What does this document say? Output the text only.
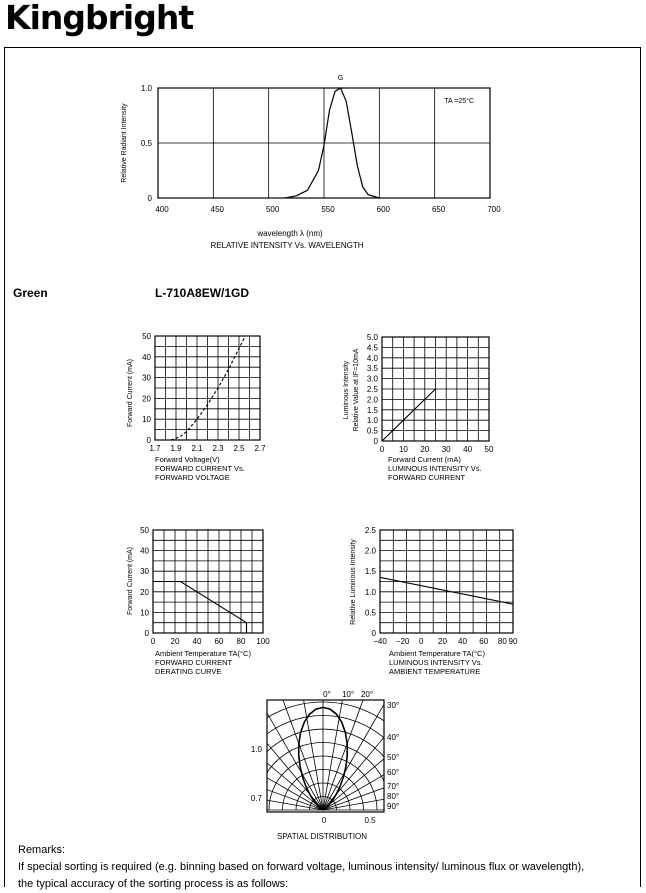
Kingbright
Green	L-710A8EW/1GD
400	450	500	550	600	650	700
0
0.5
1.0
G
TA =25°C
Relative Radiant Intensity
wavelength λ (nm)
RELATIVE INTENSITY Vs. WAVELENGTH
1.7 1.9 2.1 2.3 2.5 2.7
0
10
20
30
40
50
Forward Current (mA)
Forward Voltage(V)
FORWARD CURRENT Vs.
FORWARD VOLTAGE
0 10 20 30 40 50
0
0.5
1.0
1.5
2.0
2.5
3.0
3.5
4.0
4.5
5.0
Luminous Intensity Relative Value at IF=10mA
Forward Current (mA)
LUMINOUS INTENSITY Vs.
FORWARD CURRENT
0 20 40 60 80 100
0
10
20
30
40
50
Forward Current (mA)
Ambient Temperature TA(°C)
FORWARD CURRENT
DERATING CURVE
−40 −20 0 20 40 60 80 90
0
0.5
1.0
1.5
2.0
2.5
Relative Luminous Intensity
Ambient Temperature TA(°C)
LUMINOUS INTENSITY Vs.
AMBIENT TEMPERATURE
0° 10° 20°
30°
40°
50°
60°
70°
80°
90°
1.0
0.7
0	0.5
SPATIAL DISTRIBUTION
Remarks:
If special sorting is required (e.g. binning based on forward voltage, luminous intensity/ luminous flux or wavelength),
the typical accuracy of the sorting process is as follows:
